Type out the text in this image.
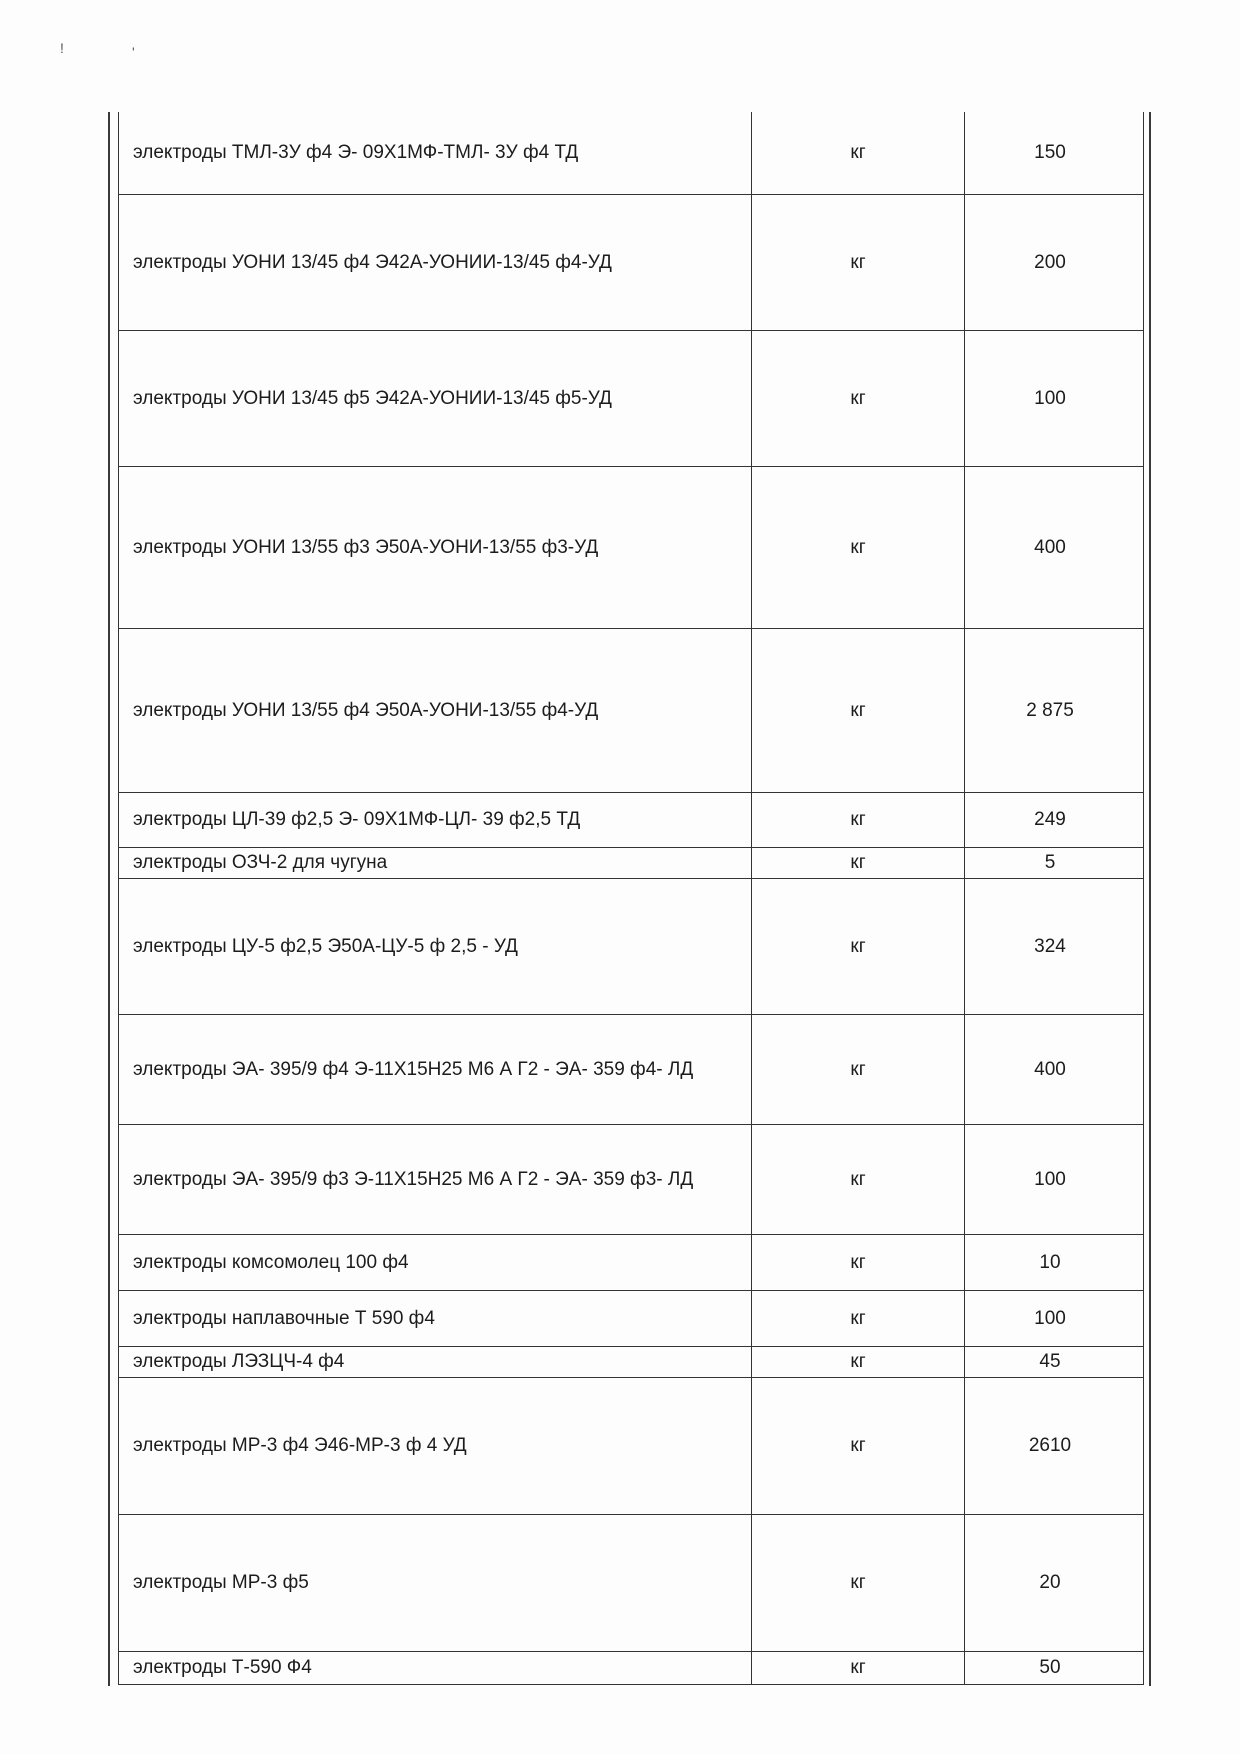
!	'
электроды ТМЛ-3У ф4 Э- 09Х1МФ-ТМЛ- 3У ф4 ТД	кг	150
электроды УОНИ 13/45 ф4 Э42А-УОНИИ-13/45 ф4-УД	кг	200
электроды УОНИ 13/45 ф5 Э42А-УОНИИ-13/45 ф5-УД	кг	100
электроды УОНИ 13/55 ф3 Э50А-УОНИ-13/55 ф3-УД	кг	400
электроды УОНИ 13/55 ф4 Э50А-УОНИ-13/55 ф4-УД	кг	2 875
электроды ЦЛ-39 ф2,5 Э- 09Х1МФ-ЦЛ- 39 ф2,5 ТД	кг	249
электроды ОЗЧ-2 для чугуна	кг	5
электроды ЦУ-5 ф2,5 Э50А-ЦУ-5 ф 2,5 - УД	кг	324
электроды ЭА- 395/9 ф4 Э-11Х15Н25 М6 А Г2 - ЭА- 359 ф4- ЛД	кг	400
электроды ЭА- 395/9 ф3 Э-11Х15Н25 М6 А Г2 - ЭА- 359 ф3- ЛД	кг	100
электроды комсомолец 100 ф4	кг	10
электроды наплавочные Т 590 ф4	кг	100
электроды ЛЭЗЦЧ-4 ф4	кг	45
электроды МР-3 ф4 Э46-МР-3 ф 4 УД	кг	2610
электроды МР-3 ф5	кг	20
электроды Т-590 Ф4	кг	50
